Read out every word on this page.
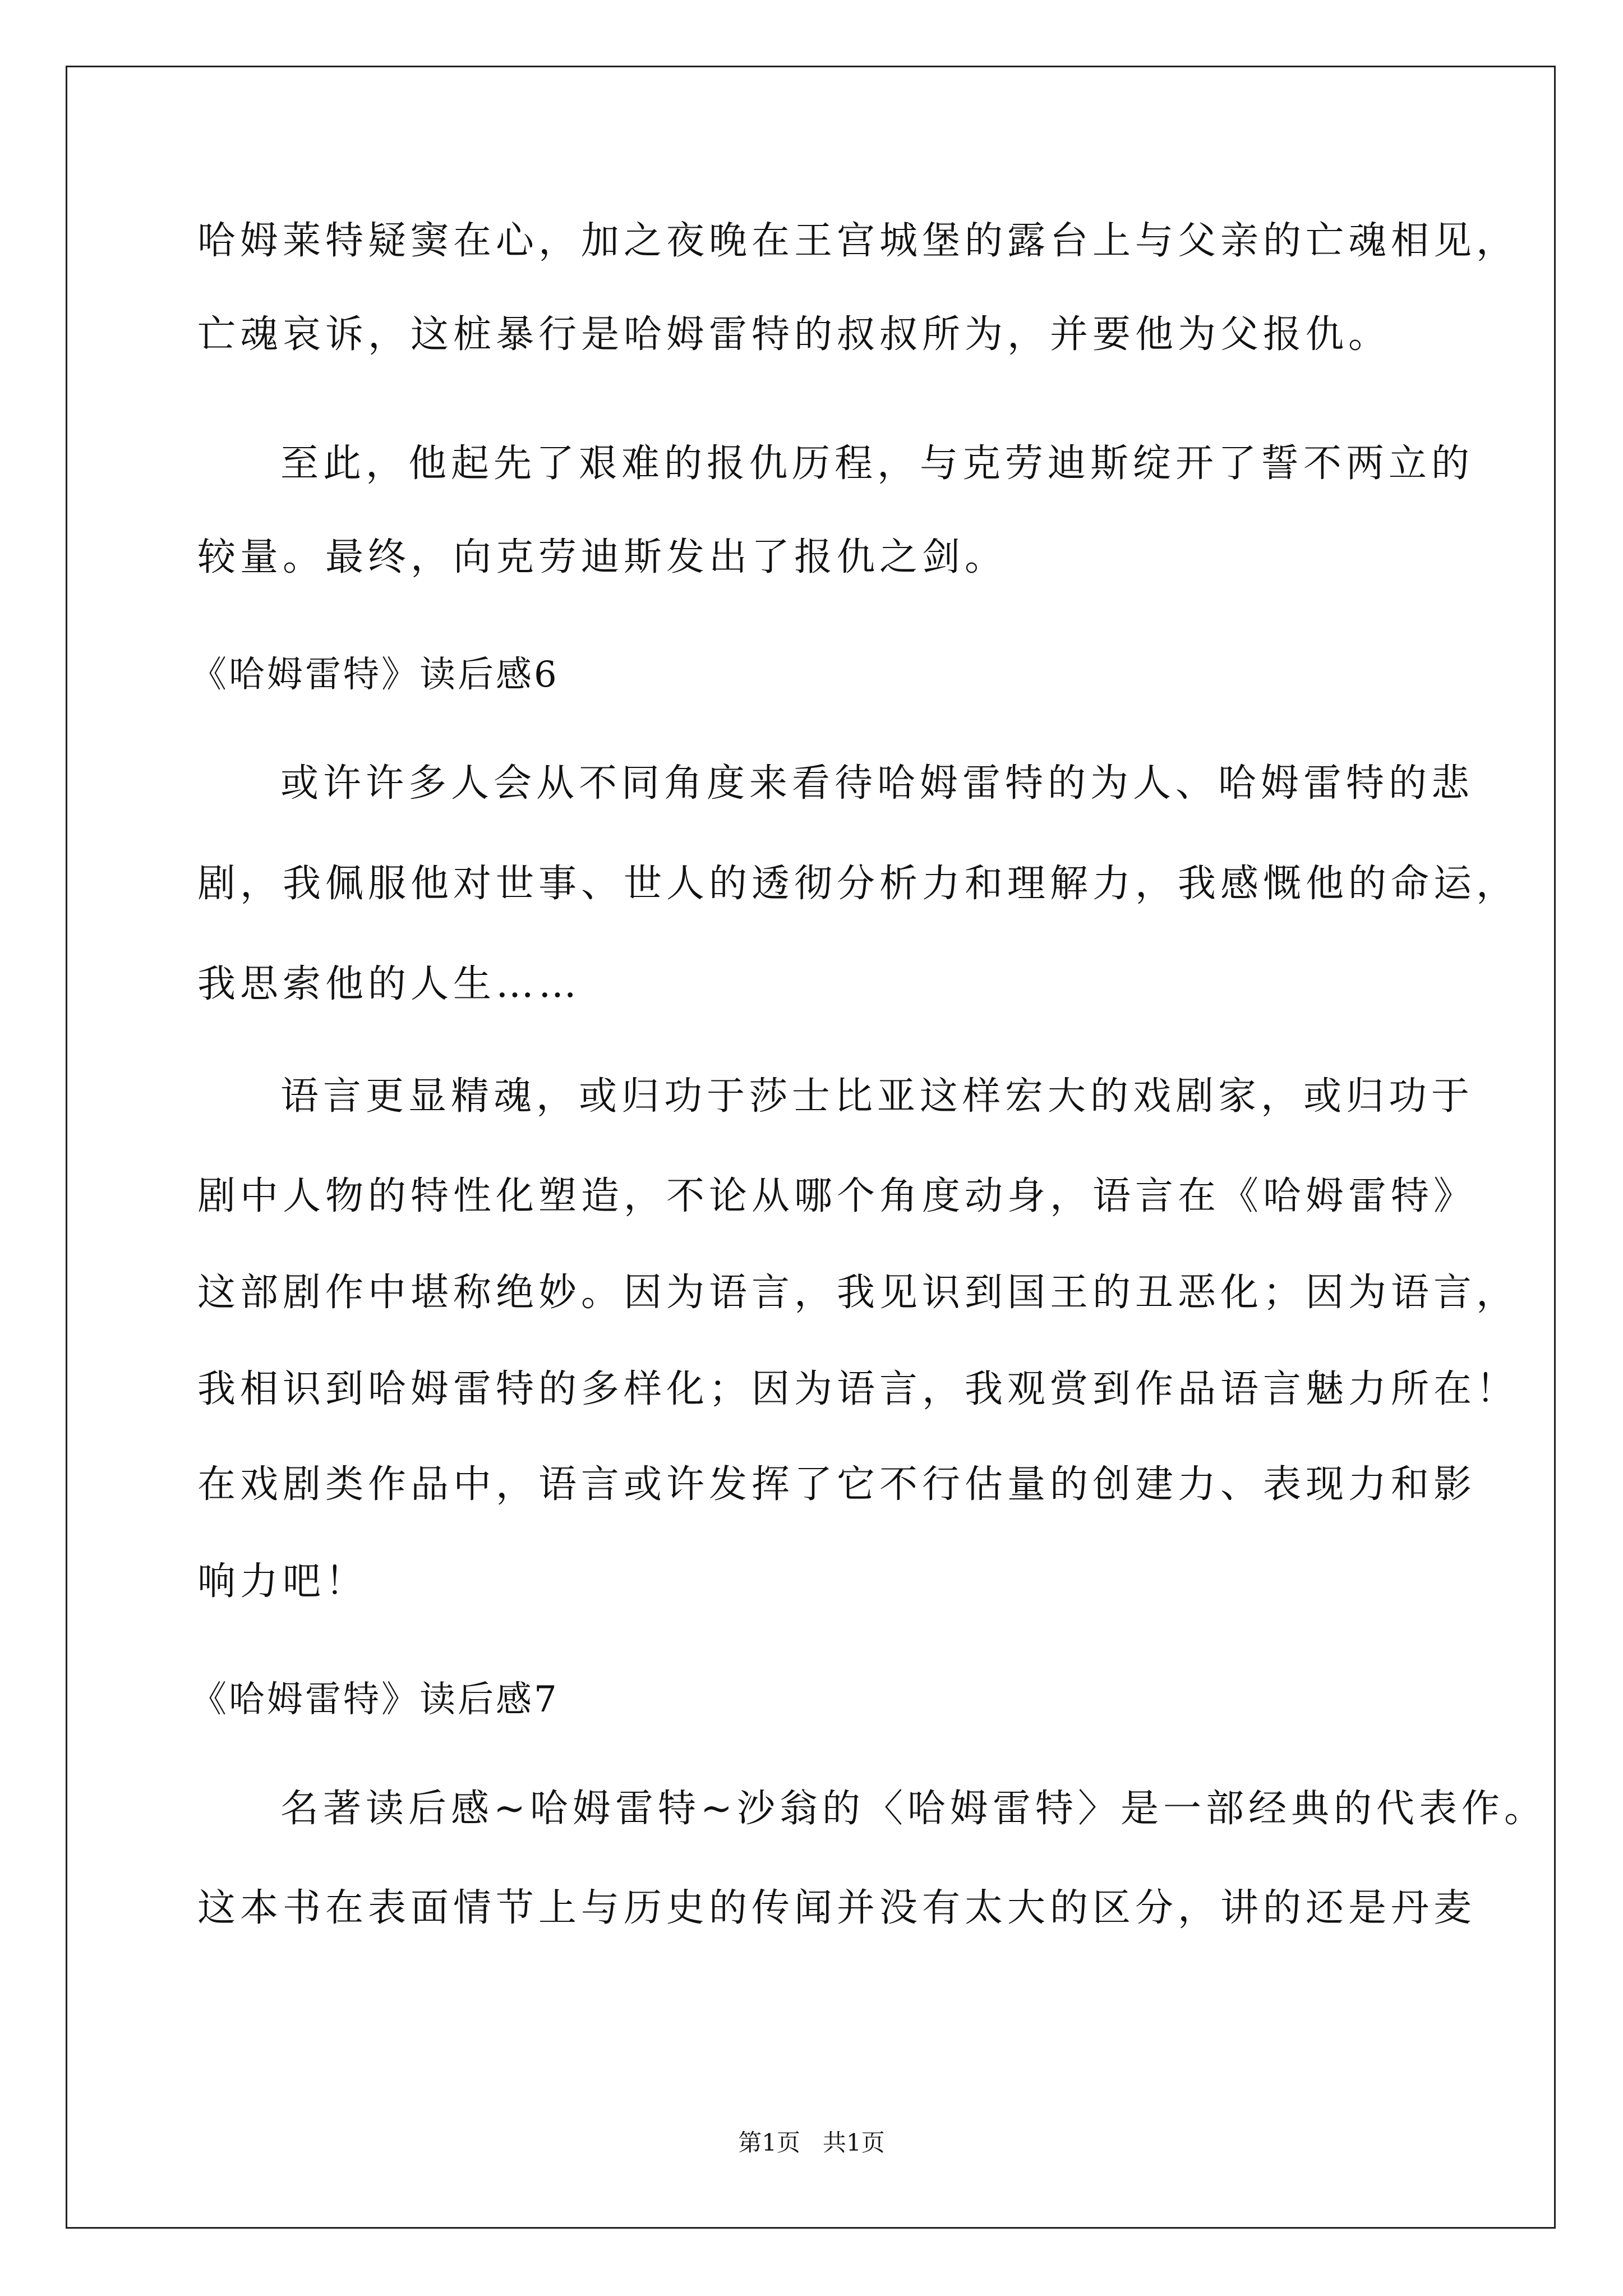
哈姆莱特疑窦在心，加之夜晚在王宫城堡的露台上与父亲的亡魂相见，
亡魂哀诉，这桩暴行是哈姆雷特的叔叔所为，并要他为父报仇。
至此，他起先了艰难的报仇历程，与克劳迪斯绽开了誓不两立的
较量。最终，向克劳迪斯发出了报仇之剑。
《哈姆雷特》读后感6
或许许多人会从不同角度来看待哈姆雷特的为人、哈姆雷特的悲
剧，我佩服他对世事、世人的透彻分析力和理解力，我感慨他的命运，
我思索他的人生……
语言更显精魂，或归功于莎士比亚这样宏大的戏剧家，或归功于
剧中人物的特性化塑造，不论从哪个角度动身，语言在《哈姆雷特》
这部剧作中堪称绝妙。因为语言，我见识到国王的丑恶化；因为语言，
我相识到哈姆雷特的多样化；因为语言，我观赏到作品语言魅力所在！
在戏剧类作品中，语言或许发挥了它不行估量的创建力、表现力和影
响力吧！
《哈姆雷特》读后感7
名著读后感~哈姆雷特~沙翁的〈哈姆雷特〉是一部经典的代表作。
这本书在表面情节上与历史的传闻并没有太大的区分，讲的还是丹麦
第1页   共1页
